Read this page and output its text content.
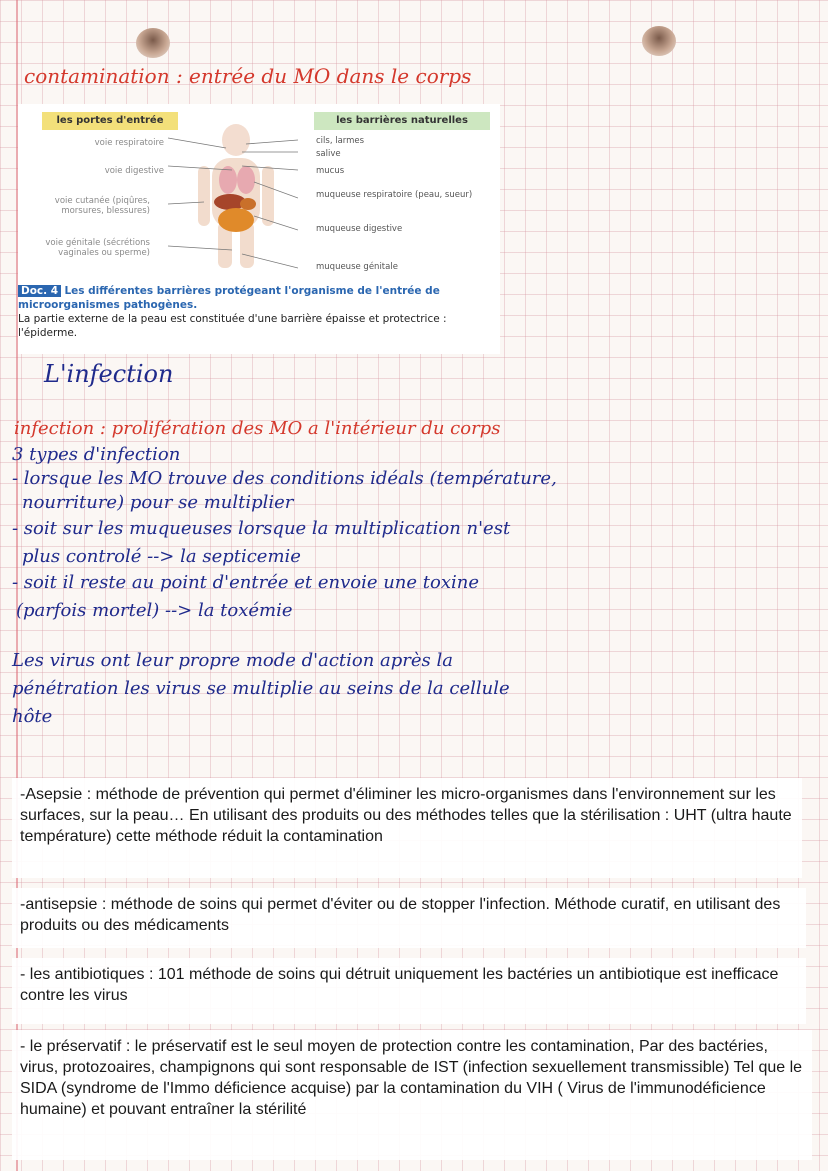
contamination : entrée du MO dans le corps
les portes d'entrée	les barrières naturelles
voie respiratoire
voie digestive
voie cutanée (piqûres, morsures, blessures)
voie génitale (sécrétions vaginales ou sperme)
cils, larmes
salive
mucus
muqueuse respiratoire (peau, sueur)
muqueuse digestive
muqueuse génitale
Doc. 4 Les différentes barrières protégeant l'organisme de l'entrée de microorganismes pathogènes.
La partie externe de la peau est constituée d'une barrière épaisse et protectrice : l'épiderme.
L'infection
infection : prolifération des MO a l'intérieur du corps
3 types d'infection
- lorsque les MO trouve des conditions idéals (température,
nourriture) pour se multiplier
- soit sur les muqueuses lorsque la multiplication n'est
plus controlé --> la septicemie
- soit il reste au point d'entrée et envoie une toxine
(parfois mortel) --> la toxémie
Les virus ont leur propre mode d'action après la
pénétration les virus se multiplie au seins de la cellule
hôte
-Asepsie : méthode de prévention qui permet d'éliminer les micro-organismes dans l'environnement sur les surfaces, sur la peau… En utilisant des produits ou des méthodes telles que la stérilisation : UHT (ultra haute température) cette méthode réduit la contamination
-antisepsie : méthode de soins qui permet d'éviter ou de stopper l'infection. Méthode curatif, en utilisant des produits ou des médicaments
- les antibiotiques : 101 méthode de soins qui détruit uniquement les bactéries un antibiotique est inefficace contre les virus
- le préservatif : le préservatif est le seul moyen de protection contre les contamination, Par des bactéries, virus, protozoaires, champignons qui sont responsable de IST (infection sexuellement transmissible) Tel que le SIDA (syndrome de l'Immo déficience acquise) par la contamination du VIH ( Virus de l'immunodéficience humaine) et pouvant entraîner la stérilité
